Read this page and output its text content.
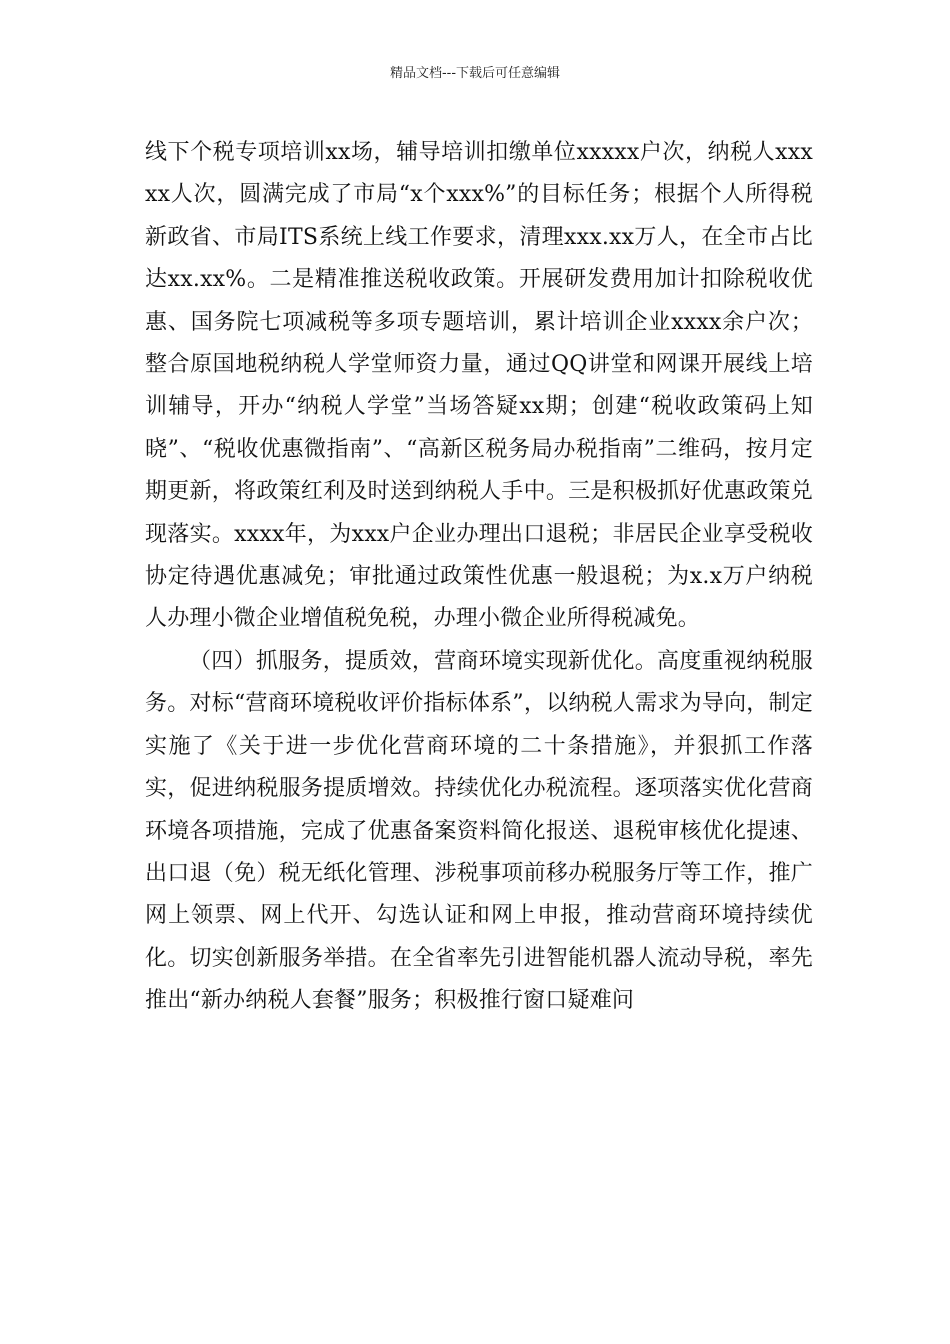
精品文档---下载后可任意编辑

线下个税专项培训xx场，辅导培训扣缴单位xxxxx户次，纳税人xxxxx人次，圆满完成了市局“x个xxx%”的目标任务；根据个人所得税新政省、市局ITS系统上线工作要求，清理xxx.xx万人，在全市占比达xx.xx%。二是精准推送税收政策。开展研发费用加计扣除税收优惠、国务院七项减税等多项专题培训，累计培训企业xxxx余户次；整合原国地税纳税人学堂师资力量，通过QQ讲堂和网课开展线上培训辅导，开办“纳税人学堂”当场答疑xx期；创建“税收政策码上知晓”、“税收优惠微指南”、“高新区税务局办税指南”二维码，按月定期更新，将政策红利及时送到纳税人手中。三是积极抓好优惠政策兑现落实。xxxx年，为xxx户企业办理出口退税；非居民企业享受税收协定待遇优惠减免；审批通过政策性优惠一般退税；为x.x万户纳税人办理小微企业增值税免税，办理小微企业所得税减免。

（四）抓服务，提质效，营商环境实现新优化。高度重视纳税服务。对标“营商环境税收评价指标体系”，以纳税人需求为导向，制定实施了《关于进一步优化营商环境的二十条措施》，并狠抓工作落实，促进纳税服务提质增效。持续优化办税流程。逐项落实优化营商环境各项措施，完成了优惠备案资料简化报送、退税审核优化提速、出口退（免）税无纸化管理、涉税事项前移办税服务厅等工作，推广网上领票、网上代开、勾选认证和网上申报，推动营商环境持续优化。切实创新服务举措。在全省率先引进智能机器人流动导税，率先推出“新办纳税人套餐”服务；积极推行窗口疑难问
